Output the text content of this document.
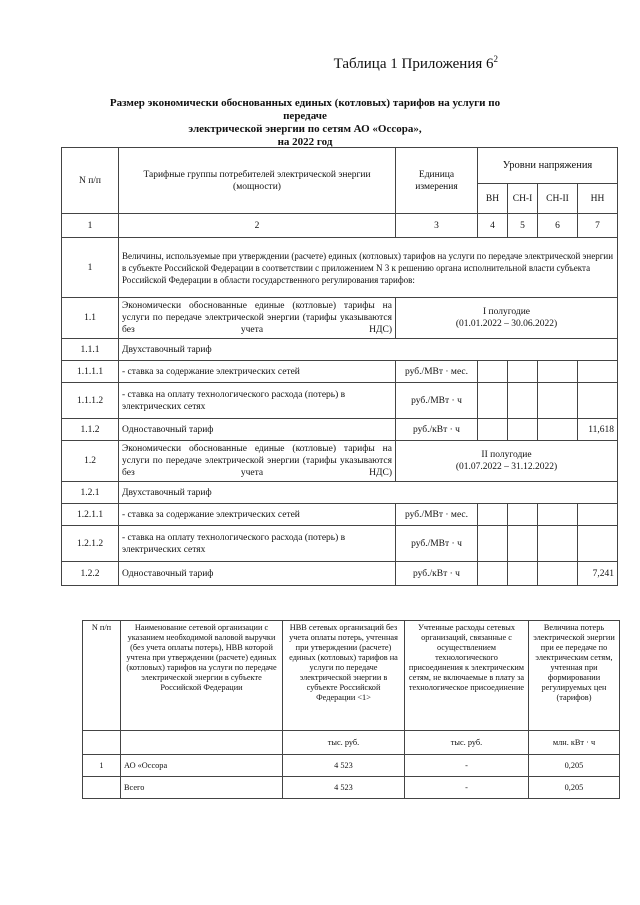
Таблица 1 Приложения $6^2$
Размер экономически обоснованных единых (котловых) тарифов на услуги по передаче
электрической энергии по сетям АО «Оссора»,
на 2022 год
N п/п	Тарифные группы потребителей электрической энергии (мощности)	Единица измерения	Уровни напряжения			
			ВН	СН-I	СН-II	НН
1	2	3	4	5	6	7
1	Величины, используемые при утверждении (расчете) единых (котловых) тарифов на услуги по передаче электрической энергии в субъекте Российской Федерации в соответствии с приложением N 3 к решению органа исполнительной власти субъекта Российской Федерации в области государственного регулирования тарифов:					
1.1	Экономически обоснованные единые (котловые) тарифы на услуги по передаче электрической энергии (тарифы указываются без учета НДС)	I полугодие
(01.01.2022 – 30.06.2022)				

1.1.1	Двухставочный тариф					
1.1.1.1	- ставка за содержание электрических сетей	руб./МВт · мес.				
1.1.1.2	- ставка на оплату технологического расхода (потерь) в электрических сетях	руб./МВт · ч				
1.1.2	Одноставочный тариф	руб./кВт · ч				11,618
1.2	Экономически обоснованные единые (котловые) тарифы на услуги по передаче электрической энергии (тарифы указываются без учета НДС)	II полугодие
(01.07.2022 – 31.12.2022)				

1.2.1	Двухставочный тариф					
1.2.1.1	- ставка за содержание электрических сетей	руб./МВт · мес.				
1.2.1.2	- ставка на оплату технологического расхода (потерь) в электрических сетях	руб./МВт · ч				
1.2.2	Одноставочный тариф	руб./кВт · ч				7,241
N п/п	Наименование сетевой организации с указанием необходимой валовой выручки (без учета оплаты потерь), НВВ которой учтена при утверждении (расчете) единых (котловых) тарифов на услуги по передаче электрической энергии в субъекте Российской Федерации	НВВ сетевых организаций без учета оплаты потерь, учтенная при утверждении (расчете) единых (котловых) тарифов на услуги по передаче электрической энергии в субъекте Российской Федерации <1>	Учтенные расходы сетевых организаций, связанные с осуществлением технологического присоединения к электрическим сетям, не включаемые в плату за технологическое присоединение	Величина потерь электрической энергии при ее передаче по электрическим сетям, учтенная при формировании регулируемых цен (тарифов)
		тыс. руб.	тыс. руб.	млн. кВт · ч
1	АО «Оссора	4 523	-	0,205
	Всего	4 523	-	0,205
